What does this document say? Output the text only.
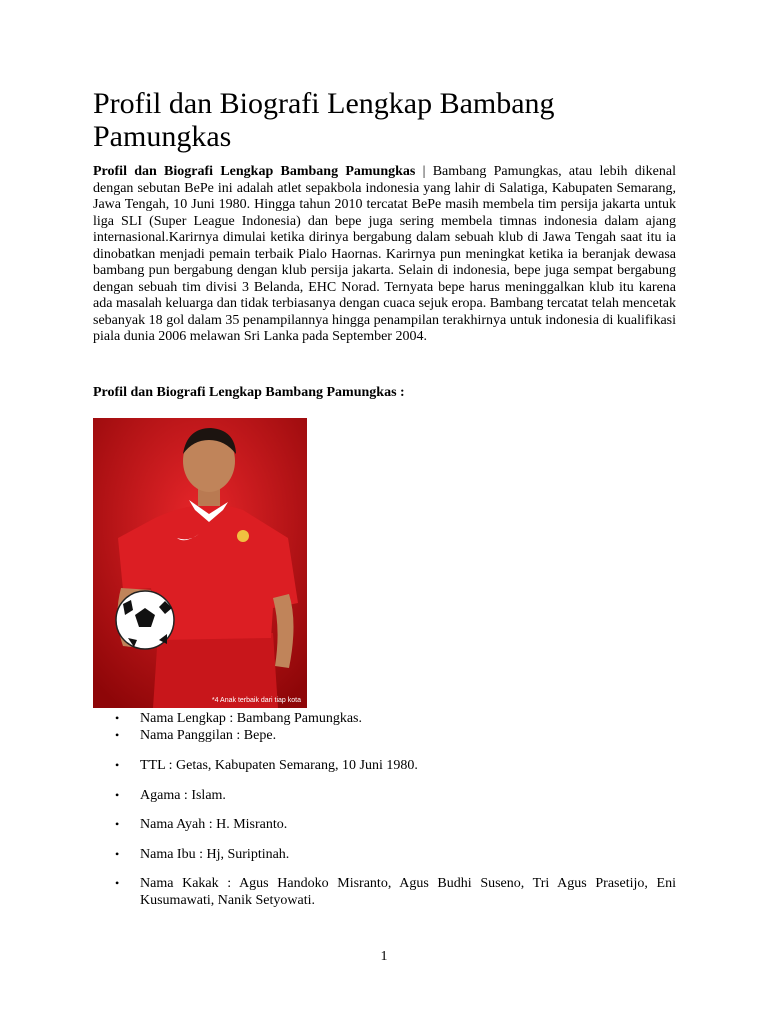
Profil dan Biografi Lengkap Bambang Pamungkas

Profil dan Biografi Lengkap Bambang Pamungkas | Bambang Pamungkas, atau lebih dikenal dengan sebutan BePe ini adalah atlet sepakbola indonesia yang lahir di Salatiga, Kabupaten Semarang, Jawa Tengah, 10 Juni 1980. Hingga tahun 2010 tercatat BePe masih membela tim persija jakarta untuk liga SLI (Super League Indonesia) dan bepe juga sering membela timnas indonesia dalam ajang internasional.Karirnya dimulai ketika dirinya bergabung dalam sebuah klub di Jawa Tengah saat itu ia dinobatkan menjadi pemain terbaik Pialo Haornas. Karirnya pun meningkat ketika ia beranjak dewasa bambang pun bergabung dengan klub persija jakarta. Selain di indonesia, bepe juga sempat bergabung dengan sebuah tim divisi 3 Belanda, EHC Norad. Ternyata bepe harus meninggalkan klub itu karena ada masalah keluarga dan tidak terbiasanya dengan cuaca sejuk eropa. Bambang tercatat telah mencetak sebanyak 18 gol dalam 35 penampilannya hingga penampilan terakhirnya untuk indonesia di kualifikasi piala dunia 2006 melawan Sri Lanka pada September 2004.

Profil dan Biografi Lengkap Bambang Pamungkas :

*4 Anak terbaik dari tiap kota
• Nama Lengkap : Bambang Pamungkas.
• Nama Panggilan : Bepe.
• TTL : Getas, Kabupaten Semarang, 10 Juni 1980.
• Agama : Islam.
• Nama Ayah : H. Misranto.
• Nama Ibu : Hj, Suriptinah.
• Nama Kakak : Agus Handoko Misranto, Agus Budhi Suseno, Tri Agus Prasetijo, Eni Kusumawati, Nanik Setyowati.
1
